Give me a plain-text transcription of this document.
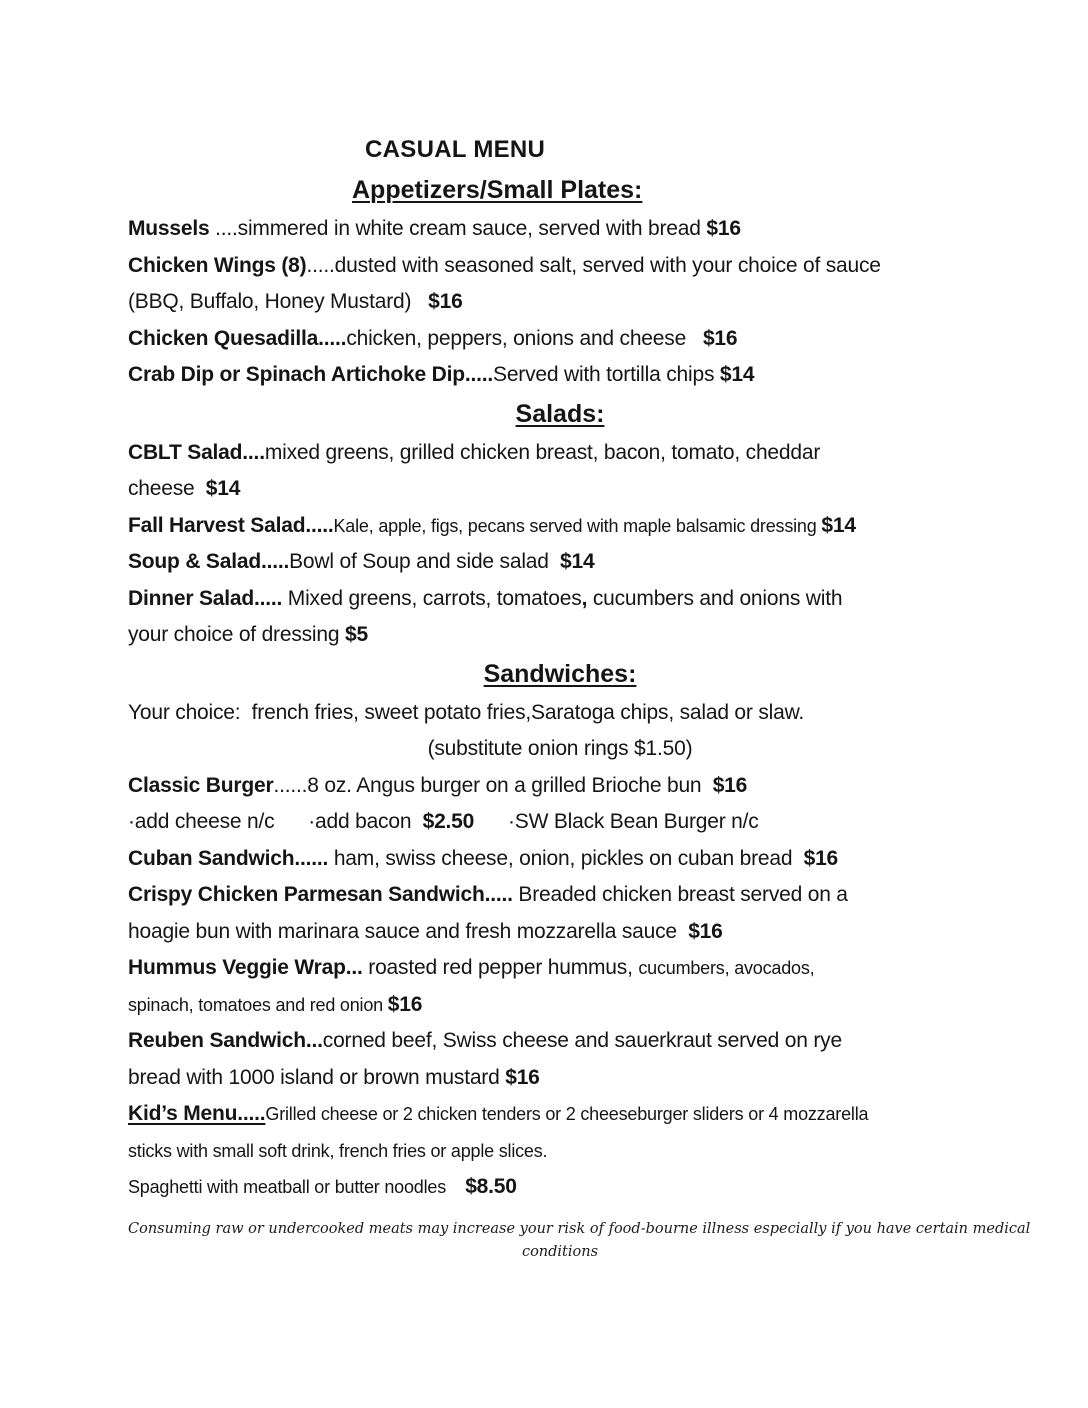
CASUAL MENU
Appetizers/Small Plates:

Mussels ....simmered in white cream sauce, served with bread $16

Chicken Wings (8).....dusted with seasoned salt, served with your choice of sauce

(BBQ, Buffalo, Honey Mustard)   $16

Chicken Quesadilla.....chicken, peppers, onions and cheese   $16

Crab Dip or Spinach Artichoke Dip.....Served with tortilla chips $14

Salads:

CBLT Salad....mixed greens, grilled chicken breast, bacon, tomato, cheddar

cheese  $14

Fall Harvest Salad.....Kale, apple, figs, pecans served with maple balsamic dressing $14

Soup & Salad.....Bowl of Soup and side salad  $14

Dinner Salad..... Mixed greens, carrots, tomatoes, cucumbers and onions with

your choice of dressing $5

Sandwiches:

Your choice:  french fries, sweet potato fries,Saratoga chips, salad or slaw.

(substitute onion rings $1.50)

Classic Burger......8 oz. Angus burger on a grilled Brioche bun  $16

·add cheese n/c      ·add bacon  $2.50      ·SW Black Bean Burger n/c

Cuban Sandwich...... ham, swiss cheese, onion, pickles on cuban bread  $16

Crispy Chicken Parmesan Sandwich..... Breaded chicken breast served on a

hoagie bun with marinara sauce and fresh mozzarella sauce  $16

Hummus Veggie Wrap... roasted red pepper hummus, cucumbers, avocados,

spinach, tomatoes and red onion $16

Reuben Sandwich...corned beef, Swiss cheese and sauerkraut served on rye

bread with 1000 island or brown mustard $16

Kid’s Menu.....Grilled cheese or 2 chicken tenders or 2 cheeseburger sliders or 4 mozzarella

sticks with small soft drink, french fries or apple slices.

Spaghetti with meatball or butter noodles    $8.50

Consuming raw or undercooked meats may increase your risk of food-bourne illness especially if you have certain medical

conditions
